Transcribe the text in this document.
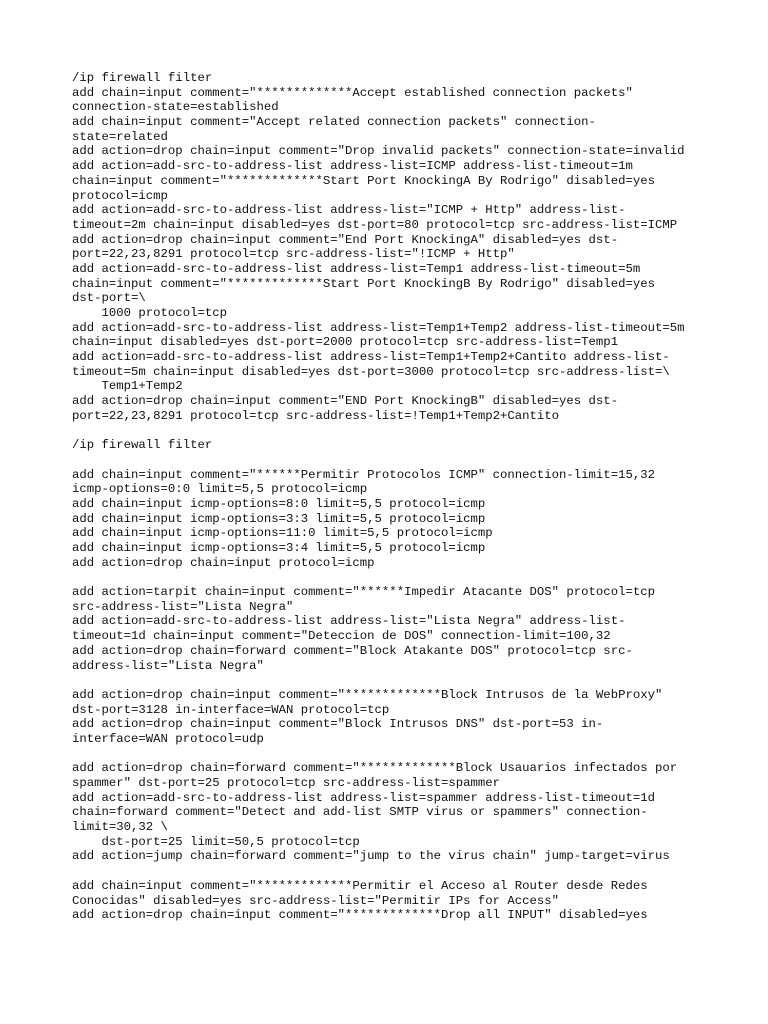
/ip firewall filter
add chain=input comment="*************Accept established connection packets"
connection-state=established
add chain=input comment="Accept related connection packets" connection-
state=related
add action=drop chain=input comment="Drop invalid packets" connection-state=invalid
add action=add-src-to-address-list address-list=ICMP address-list-timeout=1m
chain=input comment="*************Start Port KnockingA By Rodrigo" disabled=yes
protocol=icmp
add action=add-src-to-address-list address-list="ICMP + Http" address-list-
timeout=2m chain=input disabled=yes dst-port=80 protocol=tcp src-address-list=ICMP
add action=drop chain=input comment="End Port KnockingA" disabled=yes dst-
port=22,23,8291 protocol=tcp src-address-list="!ICMP + Http"
add action=add-src-to-address-list address-list=Temp1 address-list-timeout=5m
chain=input comment="*************Start Port KnockingB By Rodrigo" disabled=yes
dst-port=\
1000 protocol=tcp
add action=add-src-to-address-list address-list=Temp1+Temp2 address-list-timeout=5m
chain=input disabled=yes dst-port=2000 protocol=tcp src-address-list=Temp1
add action=add-src-to-address-list address-list=Temp1+Temp2+Cantito address-list-
timeout=5m chain=input disabled=yes dst-port=3000 protocol=tcp src-address-list=\
Temp1+Temp2
add action=drop chain=input comment="END Port KnockingB" disabled=yes dst-
port=22,23,8291 protocol=tcp src-address-list=!Temp1+Temp2+Cantito
/ip firewall filter
add chain=input comment="******Permitir Protocolos ICMP" connection-limit=15,32
icmp-options=0:0 limit=5,5 protocol=icmp
add chain=input icmp-options=8:0 limit=5,5 protocol=icmp
add chain=input icmp-options=3:3 limit=5,5 protocol=icmp
add chain=input icmp-options=11:0 limit=5,5 protocol=icmp
add chain=input icmp-options=3:4 limit=5,5 protocol=icmp
add action=drop chain=input protocol=icmp
add action=tarpit chain=input comment="******Impedir Atacante DOS" protocol=tcp
src-address-list="Lista Negra"
add action=add-src-to-address-list address-list="Lista Negra" address-list-
timeout=1d chain=input comment="Deteccion de DOS" connection-limit=100,32
add action=drop chain=forward comment="Block Atakante DOS" protocol=tcp src-
address-list="Lista Negra"
add action=drop chain=input comment="*************Block Intrusos de la WebProxy"
dst-port=3128 in-interface=WAN protocol=tcp
add action=drop chain=input comment="Block Intrusos DNS" dst-port=53 in-
interface=WAN protocol=udp
add action=drop chain=forward comment="*************Block Usauarios infectados por
spammer" dst-port=25 protocol=tcp src-address-list=spammer
add action=add-src-to-address-list address-list=spammer address-list-timeout=1d
chain=forward comment="Detect and add-list SMTP virus or spammers" connection-
limit=30,32 \
dst-port=25 limit=50,5 protocol=tcp
add action=jump chain=forward comment="jump to the virus chain" jump-target=virus
add chain=input comment="*************Permitir el Acceso al Router desde Redes
Conocidas" disabled=yes src-address-list="Permitir IPs for Access"
add action=drop chain=input comment="*************Drop all INPUT" disabled=yes
